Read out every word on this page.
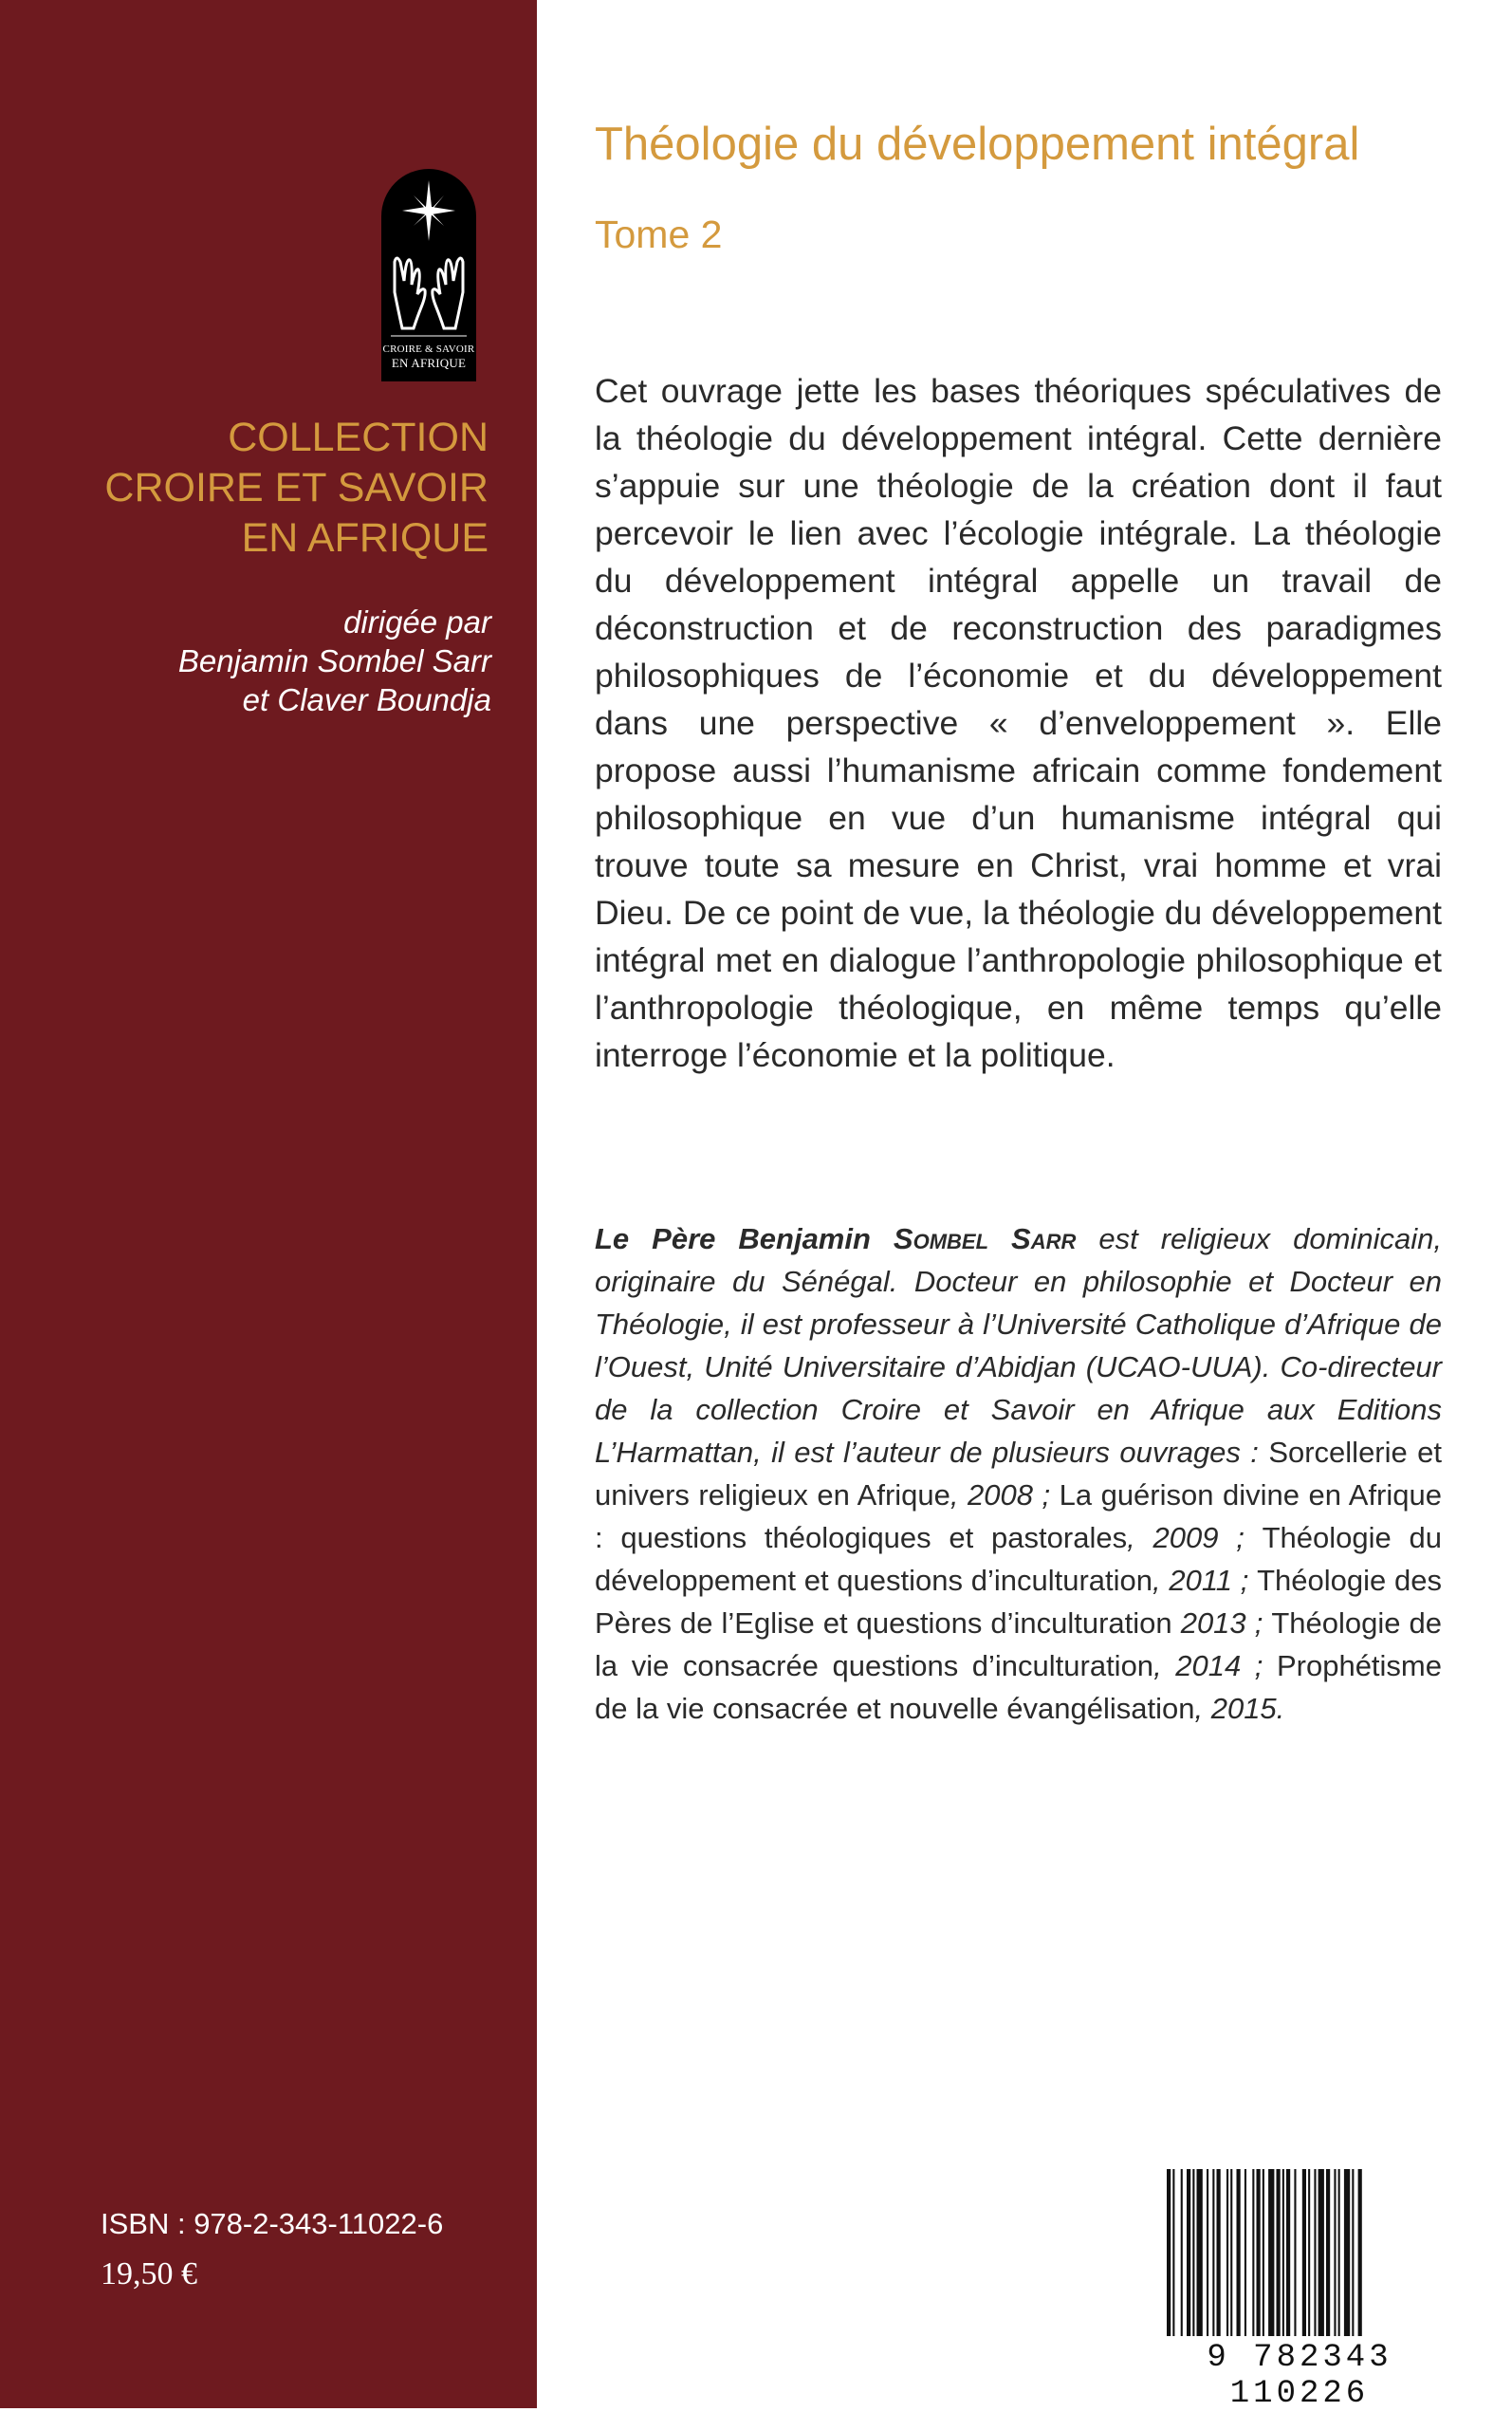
CROIRE & SAVOIR
EN AFRIQUE
COLLECTION
CROIRE ET SAVOIR
EN AFRIQUE
dirigée par
Benjamin Sombel Sarr
et Claver Boundja
ISBN : 978-2-343-11022-6
19,50 €
Théologie du développement intégral
Tome 2
Cet ouvrage jette les bases théoriques spéculatives de la théologie du développement intégral. Cette dernière s’appuie sur une théologie de la création dont il faut percevoir le lien avec l’écologie intégrale. La théologie du développement intégral appelle un travail de déconstruction et de reconstruction des paradigmes philosophiques de l’économie et du développement dans une perspective « d’enveloppement ». Elle propose aussi l’humanisme africain comme fondement philosophique en vue d’un humanisme intégral qui trouve toute sa mesure en Christ, vrai homme et vrai Dieu. De ce point de vue, la théologie du développement intégral met en dialogue l’anthropologie philosophique et l’anthropologie théologique, en même temps qu’elle interroge l’économie et la politique.
Le Père Benjamin Sombel Sarr est religieux dominicain, originaire du Sénégal. Docteur en philosophie et Docteur en Théologie, il est professeur à l’Université Catholique d’Afrique de l’Ouest, Unité Universitaire d’Abidjan (UCAO-UUA). Co-directeur de la collection Croire et Savoir en Afrique aux Editions L’Harmattan, il est l’auteur de plusieurs ouvrages : Sorcellerie et univers religieux en Afrique, 2008 ; La guérison divine en Afrique : questions théologiques et pastorales, 2009 ; Théologie du développement et questions d’inculturation, 2011 ; Théologie des Pères de l’Eglise et questions d’inculturation 2013 ; Théologie de la vie consacrée questions d’inculturation, 2014 ; Prophétisme de la vie consacrée et nouvelle évangélisation, 2015.
9 782343 110226
